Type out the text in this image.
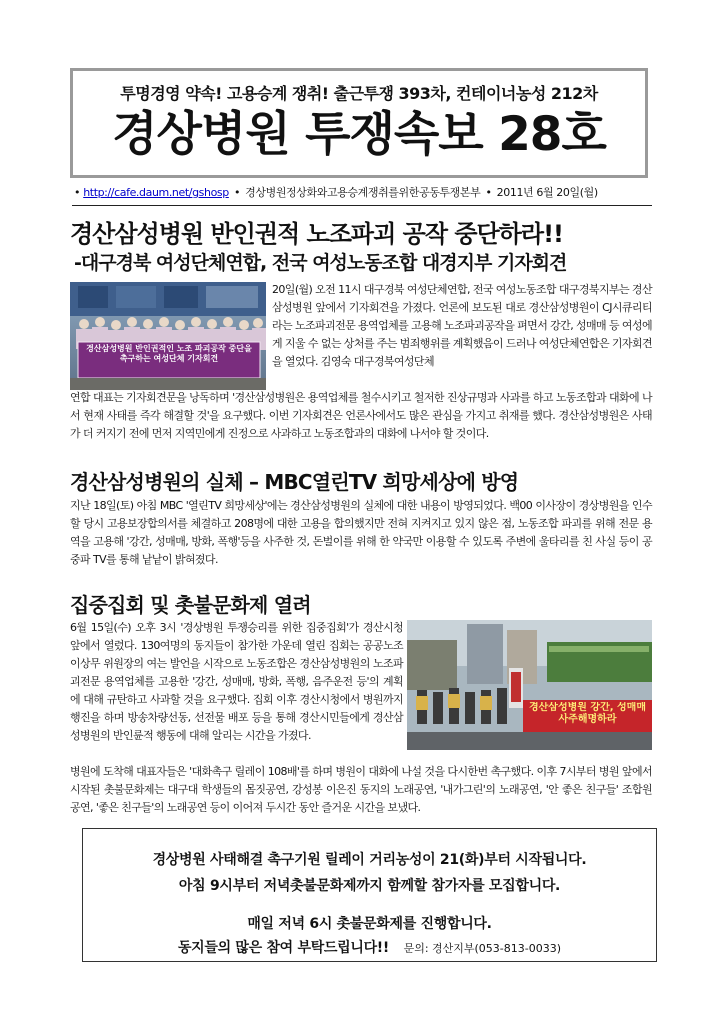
투명경영 약속! 고용승계 쟁취! 출근투쟁 393차, 컨테이너농성 212차
경상병원 투쟁속보 28호
• http://cafe.daum.net/gshosp • 경상병원정상화와고용승계쟁취를위한공동투쟁본부 • 2011년 6월 20일(월)
경산삼성병원 반인권적 노조파괴 공작 중단하라!!
-대구경북 여성단체연합, 전국 여성노동조합 대경지부 기자회견
경산삼성병원 반인권적인 노조 파괴공작 중단을 촉구하는 여성단체 기자회견

20일(월) 오전 11시 대구경북 여성단체연합, 전국 여성노동조합 대구경북지부는 경산삼성병원 앞에서 기자회견을 가졌다. 언론에 보도된 대로 경산삼성병원이 CJ시큐리티라는 노조파괴전문 용역업체를 고용해 노조파괴공작을 펴면서 강간, 성매매 등 여성에게 지울 수 없는 상처를 주는 범죄행위를 계획했음이 드러나 여성단체연합은 기자회견을 열었다. 김영숙 대구경북여성단체

연합 대표는 기자회견문을 낭독하며 '경산삼성병원은 용역업체를 철수시키고 철저한 진상규명과 사과를 하고 노동조합과 대화에 나서 현재 사태를 즉각 해결할 것'을 요구했다. 이번 기자회견은 언론사에서도 많은 관심을 가지고 취재를 했다. 경산삼성병원은 사태가 더 커지기 전에 먼저 지역민에게 진정으로 사과하고 노동조합과의 대화에 나서야 할 것이다.

경산삼성병원의 실체 – MBC열린TV 희망세상에 방영

지난 18일(토) 아침 MBC '열린TV 희망세상'에는 경산삼성병원의 실체에 대한 내용이 방영되었다. 백00 이사장이 경상병원을 인수할 당시 고용보장합의서를 체결하고 208명에 대한 고용을 합의했지만 전혀 지켜지고 있지 않은 점, 노동조합 파괴를 위해 전문 용역을 고용해 '강간, 성매매, 방화, 폭행'등을 사주한 것, 돈벌이를 위해 한 약국만 이용할 수 있도록 주변에 울타리를 친 사실 등이 공중파 TV를 통해 낱낱이 밝혀졌다.

집중집회 및 촛불문화제 열려

6월 15일(수) 오후 3시 '경상병원 투쟁승리를 위한 집중집회'가 경산시청 앞에서 열렸다. 130여명의 동지들이 참가한 가운데 열린 집회는 공공노조 이상무 위원장의 여는 발언을 시작으로 노동조합은 경산삼성병원의 노조파괴전문 용역업체를 고용한 '강간, 성매매, 방화, 폭행, 음주운전 등'의 계획에 대해 규탄하고 사과할 것을 요구했다. 집회 이후 경산시청에서 병원까지 행진을 하며 방송차량선동, 선전물 배포 등을 통해 경산시민들에게 경산삼성병원의 반인륜적 행동에 대해 알리는 시간을 가졌다.

경산삼성병원 강간, 성매매 사주해명하라

병원에 도착해 대표자들은 '대화촉구 릴레이 108배'를 하며 병원이 대화에 나설 것을 다시한번 촉구했다. 이후 7시부터 병원 앞에서 시작된 촛불문화제는 대구대 학생들의 몸짓공연, 강성봉 이은진 동지의 노래공연, '내가그린'의 노래공연, '안 좋은 친구들' 조합원 공연, '좋은 친구들'의 노래공연 등이 이어져 두시간 동안 즐거운 시간을 보냈다.

경상병원 사태해결 촉구기원 릴레이 거리농성이 21(화)부터 시작됩니다.
아침 9시부터 저녁촛불문화제까지 함께할 참가자를 모집합니다.
매일 저녁 6시 촛불문화제를 진행합니다.
동지들의 많은 참여 부탁드립니다!! 문의: 경산지부(053-813-0033)
